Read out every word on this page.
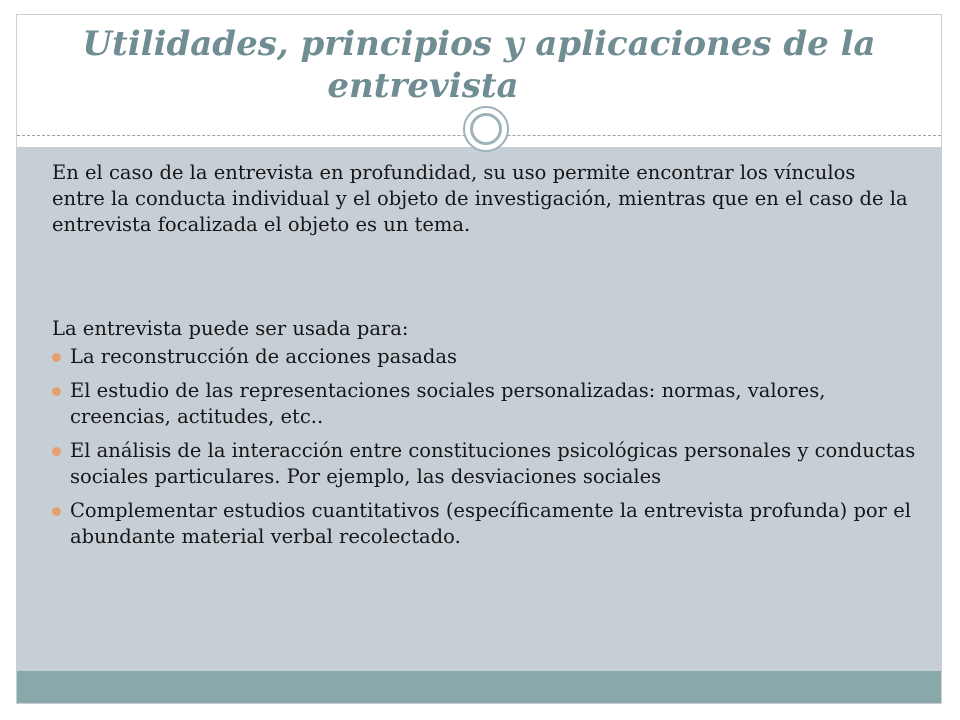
Utilidades, principios y aplicaciones de la
entrevista
En el caso de la entrevista en profundidad, su uso permite encontrar los vínculos entre la conducta individual y el objeto de investigación, mientras que en el caso de la entrevista focalizada el objeto es un tema.
La entrevista puede ser usada para:
La reconstrucción de acciones pasadas
El estudio de las representaciones sociales personalizadas: normas, valores, creencias, actitudes, etc..
El análisis de la interacción entre constituciones psicológicas personales y conductas sociales particulares. Por ejemplo, las desviaciones sociales
Complementar estudios cuantitativos (específicamente la entrevista profunda) por el abundante material verbal recolectado.
